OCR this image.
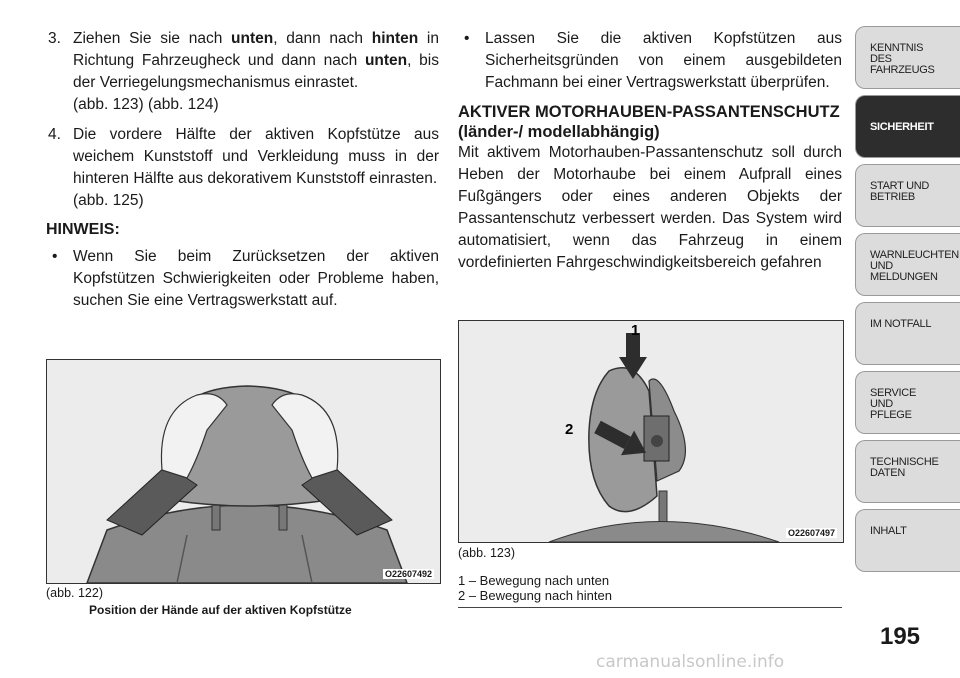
3. Ziehen Sie sie nach unten, dann nach hinten in Richtung Fahrzeugheck und dann nach unten, bis der Verriegelungsmechanismus einrastet.
(abb. 123) (abb. 124)
4. Die vordere Hälfte der aktiven Kopfstütze aus weichem Kunststoff und Verkleidung muss in der hinteren Hälfte aus dekorativem Kunststoff einrasten.
(abb. 125)
HINWEIS:
• Wenn Sie beim Zurücksetzen der aktiven Kopfstützen Schwierigkeiten oder Probleme haben, suchen Sie eine Vertragswerkstatt auf.
O22607492
(abb. 122)
Position der Hände auf der aktiven Kopfstütze
• Lassen Sie die aktiven Kopfstützen aus Sicherheitsgründen von einem ausgebildeten Fachmann bei einer Vertragswerkstatt überprüfen.
AKTIVER MOTORHAUBEN-PASSANTENSCHUTZ (länder-/ modellabhängig)
Mit aktivem Motorhauben-Passantenschutz soll durch Heben der Motorhaube bei einem Aufprall eines Fußgängers oder eines anderen Objekts der Passantenschutz verbessert werden. Das System wird automatisiert, wenn das Fahrzeug in einem vordefinierten Fahrgeschwindigkeitsbereich gefahren
1
2
O22607497
(abb. 123)
1 – Bewegung nach unten
2 – Bewegung nach hinten
KENNTNIS
DES
FAHRZEUGS
SICHERHEIT
START UND
BETRIEB
WARNLEUCHTEN
UND
MELDUNGEN
IM NOTFALL
SERVICE
UND
PFLEGE
TECHNISCHE
DATEN
INHALT
195
carmanualsonline.info
